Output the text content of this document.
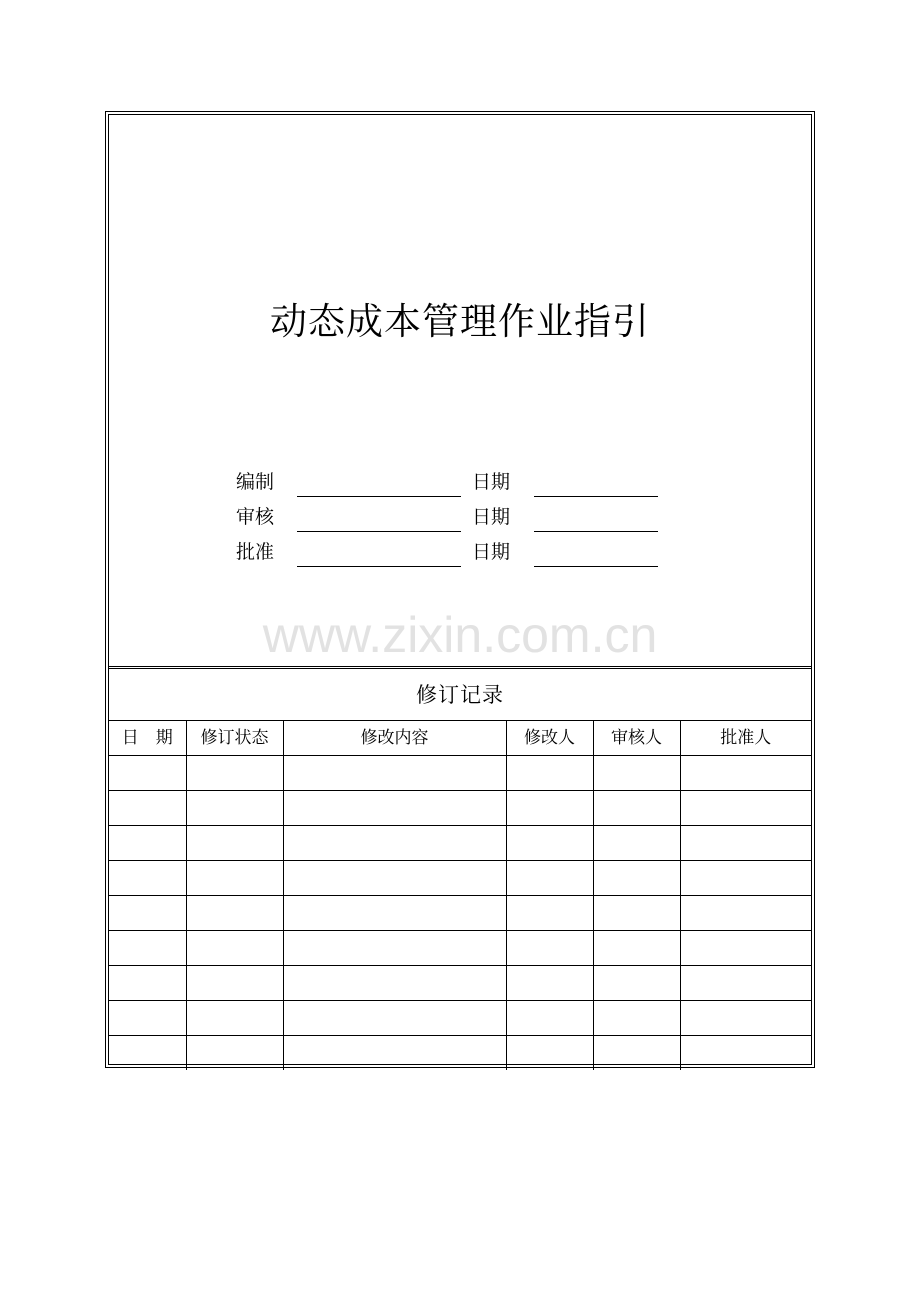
动态成本管理作业指引
编制	日期
审核	日期
批准	日期
www.zixin.com.cn
修订记录
日　期	修订状态	修改内容	修改人	审核人	批准人
